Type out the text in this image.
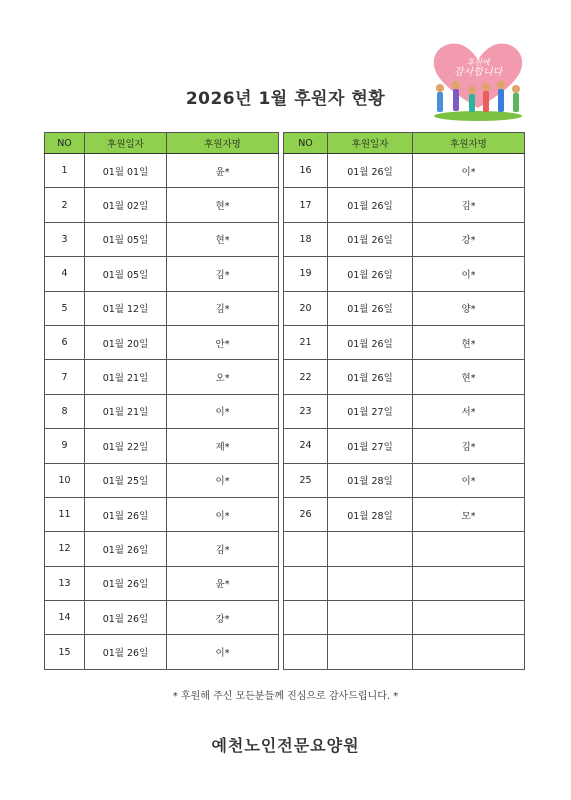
2026년 1월 후원자 현황
후원에
감사합니다
NO	후원일자	후원자명
1	01월 01일	윤*
2	01월 02일	현*
3	01월 05일	현*
4	01월 05일	김*
5	01월 12일	김*
6	01월 20일	안*
7	01월 21일	오*
8	01월 21일	이*
9	01월 22일	제*
10	01월 25일	이*
11	01월 26일	이*
12	01월 26일	김*
13	01월 26일	윤*
14	01월 26일	강*
15	01월 26일	이*
NO	후원일자	후원자명
16	01월 26일	이*
17	01월 26일	김*
18	01월 26일	강*
19	01월 26일	이*
20	01월 26일	양*
21	01월 26일	현*
22	01월 26일	현*
23	01월 27일	서*
24	01월 27일	김*
25	01월 28일	이*
26	01월 28일	모*

* 후원해 주신 모든분들께 진심으로 감사드립니다. *
예천노인전문요양원
